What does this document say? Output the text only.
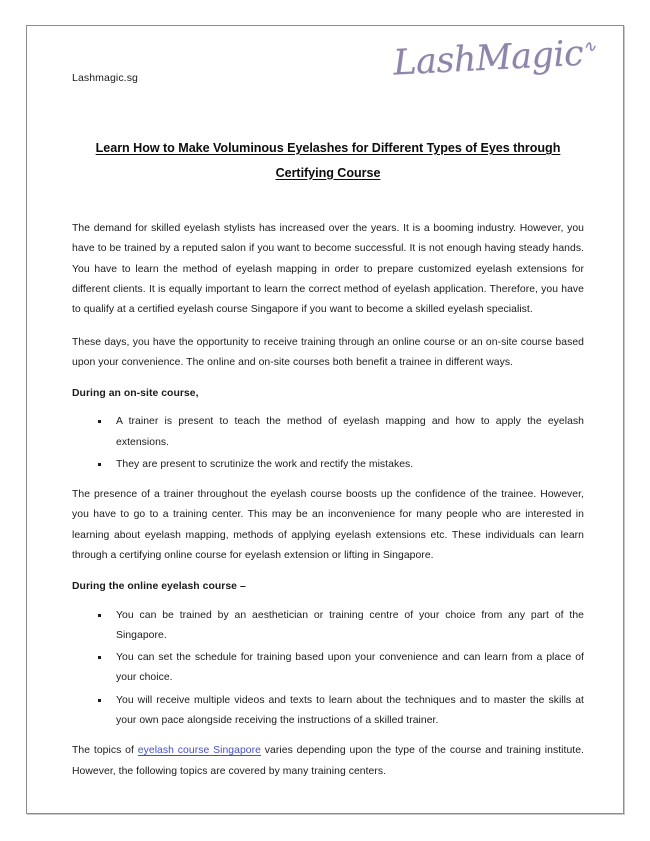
LashMagic∿
Lashmagic.sg
Learn How to Make Voluminous Eyelashes for Different Types of Eyes through
Certifying Course

The demand for skilled eyelash stylists has increased over the years. It is a booming industry. However, you have to be trained by a reputed salon if you want to become successful. It is not enough having steady hands. You have to learn the method of eyelash mapping in order to prepare customized eyelash extensions for different clients. It is equally important to learn the correct method of eyelash application. Therefore, you have to qualify at a certified eyelash course Singapore if you want to become a skilled eyelash specialist.

These days, you have the opportunity to receive training through an online course or an on-site course based upon your convenience. The online and on-site courses both benefit a trainee in different ways.

During an on-site course,

A trainer is present to teach the method of eyelash mapping and how to apply the eyelash extensions.
They are present to scrutinize the work and rectify the mistakes.

The presence of a trainer throughout the eyelash course boosts up the confidence of the trainee. However, you have to go to a training center. This may be an inconvenience for many people who are interested in learning about eyelash mapping, methods of applying eyelash extensions etc. These individuals can learn through a certifying online course for eyelash extension or lifting in Singapore.

During the online eyelash course –

You can be trained by an aesthetician or training centre of your choice from any part of the Singapore.
You can set the schedule for training based upon your convenience and can learn from a place of your choice.
You will receive multiple videos and texts to learn about the techniques and to master the skills at your own pace alongside receiving the instructions of a skilled trainer.

The topics of eyelash course Singapore varies depending upon the type of the course and training institute. However, the following topics are covered by many training centers.
